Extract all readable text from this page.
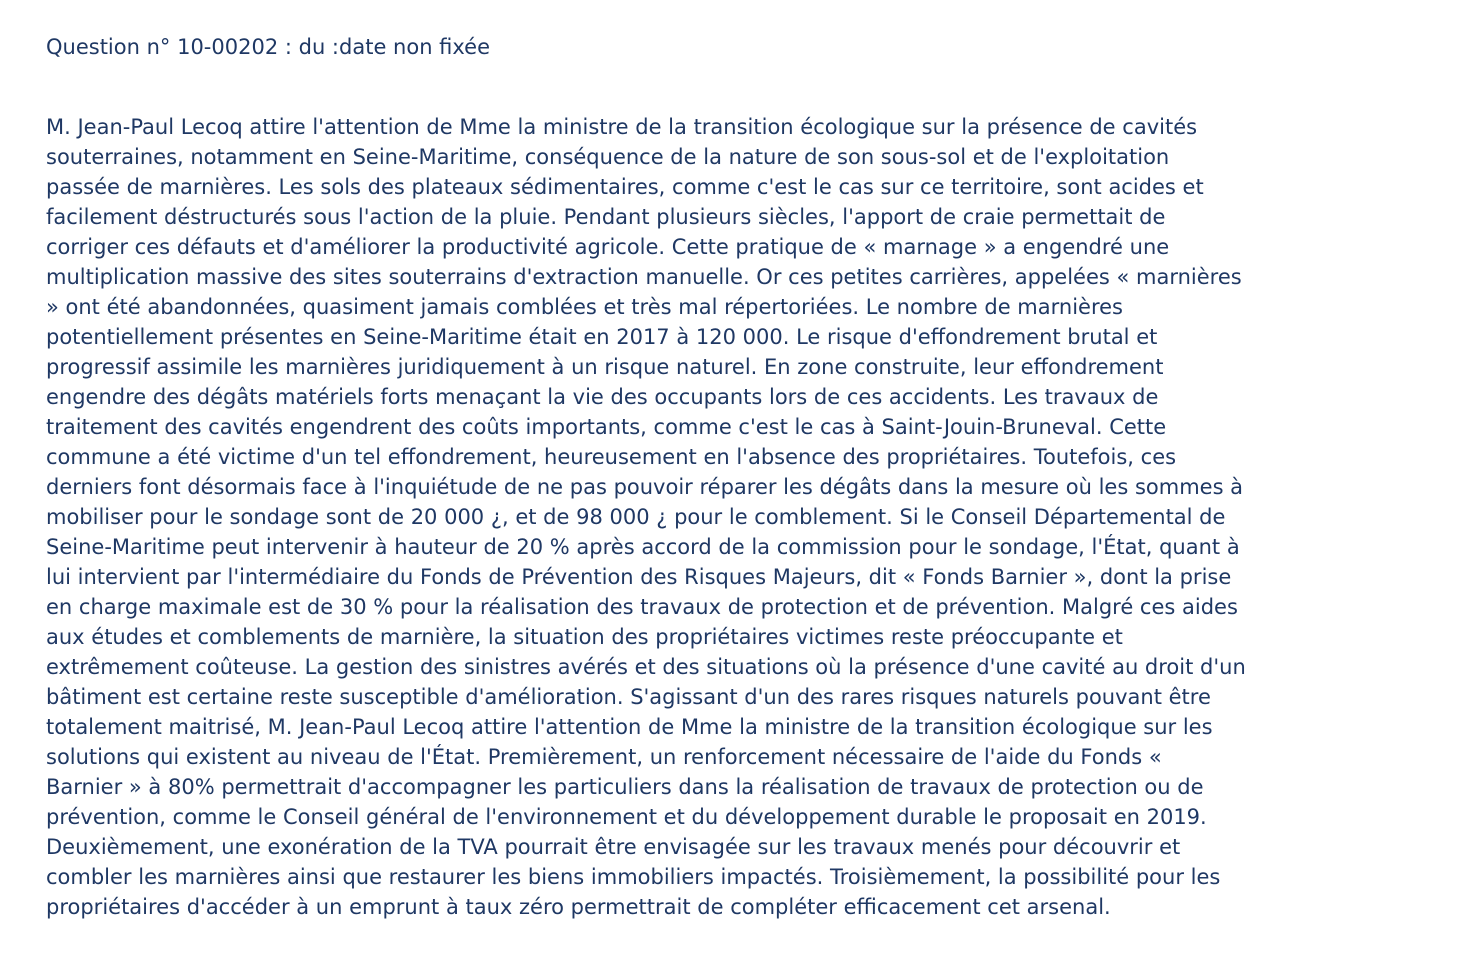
Question n° 10-00202 : du :date non fixée

M. Jean-Paul Lecoq attire l'attention de Mme la ministre de la transition écologique sur la présence de cavités
souterraines, notamment en Seine-Maritime, conséquence de la nature de son sous-sol et de l'exploitation
passée de marnières. Les sols des plateaux sédimentaires, comme c'est le cas sur ce territoire, sont acides et
facilement déstructurés sous l'action de la pluie. Pendant plusieurs siècles, l'apport de craie permettait de
corriger ces défauts et d'améliorer la productivité agricole. Cette pratique de « marnage » a engendré une
multiplication massive des sites souterrains d'extraction manuelle. Or ces petites carrières, appelées « marnières
» ont été abandonnées, quasiment jamais comblées et très mal répertoriées. Le nombre de marnières
potentiellement présentes en Seine-Maritime était en 2017 à 120 000. Le risque d'effondrement brutal et
progressif assimile les marnières juridiquement à un risque naturel. En zone construite, leur effondrement
engendre des dégâts matériels forts menaçant la vie des occupants lors de ces accidents. Les travaux de
traitement des cavités engendrent des coûts importants, comme c'est le cas à Saint-Jouin-Bruneval. Cette
commune a été victime d'un tel effondrement, heureusement en l'absence des propriétaires. Toutefois, ces
derniers font désormais face à l'inquiétude de ne pas pouvoir réparer les dégâts dans la mesure où les sommes à
mobiliser pour le sondage sont de 20 000 ¿, et de 98 000 ¿ pour le comblement. Si le Conseil Départemental de
Seine-Maritime peut intervenir à hauteur de 20 % après accord de la commission pour le sondage, l'État, quant à
lui intervient par l'intermédiaire du Fonds de Prévention des Risques Majeurs, dit « Fonds Barnier », dont la prise
en charge maximale est de 30 % pour la réalisation des travaux de protection et de prévention. Malgré ces aides
aux études et comblements de marnière, la situation des propriétaires victimes reste préoccupante et
extrêmement coûteuse. La gestion des sinistres avérés et des situations où la présence d'une cavité au droit d'un
bâtiment est certaine reste susceptible d'amélioration. S'agissant d'un des rares risques naturels pouvant être
totalement maitrisé, M. Jean-Paul Lecoq attire l'attention de Mme la ministre de la transition écologique sur les
solutions qui existent au niveau de l'État. Premièrement, un renforcement nécessaire de l'aide du Fonds «
Barnier » à 80% permettrait d'accompagner les particuliers dans la réalisation de travaux de protection ou de
prévention, comme le Conseil général de l'environnement et du développement durable le proposait en 2019.
Deuxièmement, une exonération de la TVA pourrait être envisagée sur les travaux menés pour découvrir et
combler les marnières ainsi que restaurer les biens immobiliers impactés. Troisièmement, la possibilité pour les
propriétaires d'accéder à un emprunt à taux zéro permettrait de compléter efficacement cet arsenal.
